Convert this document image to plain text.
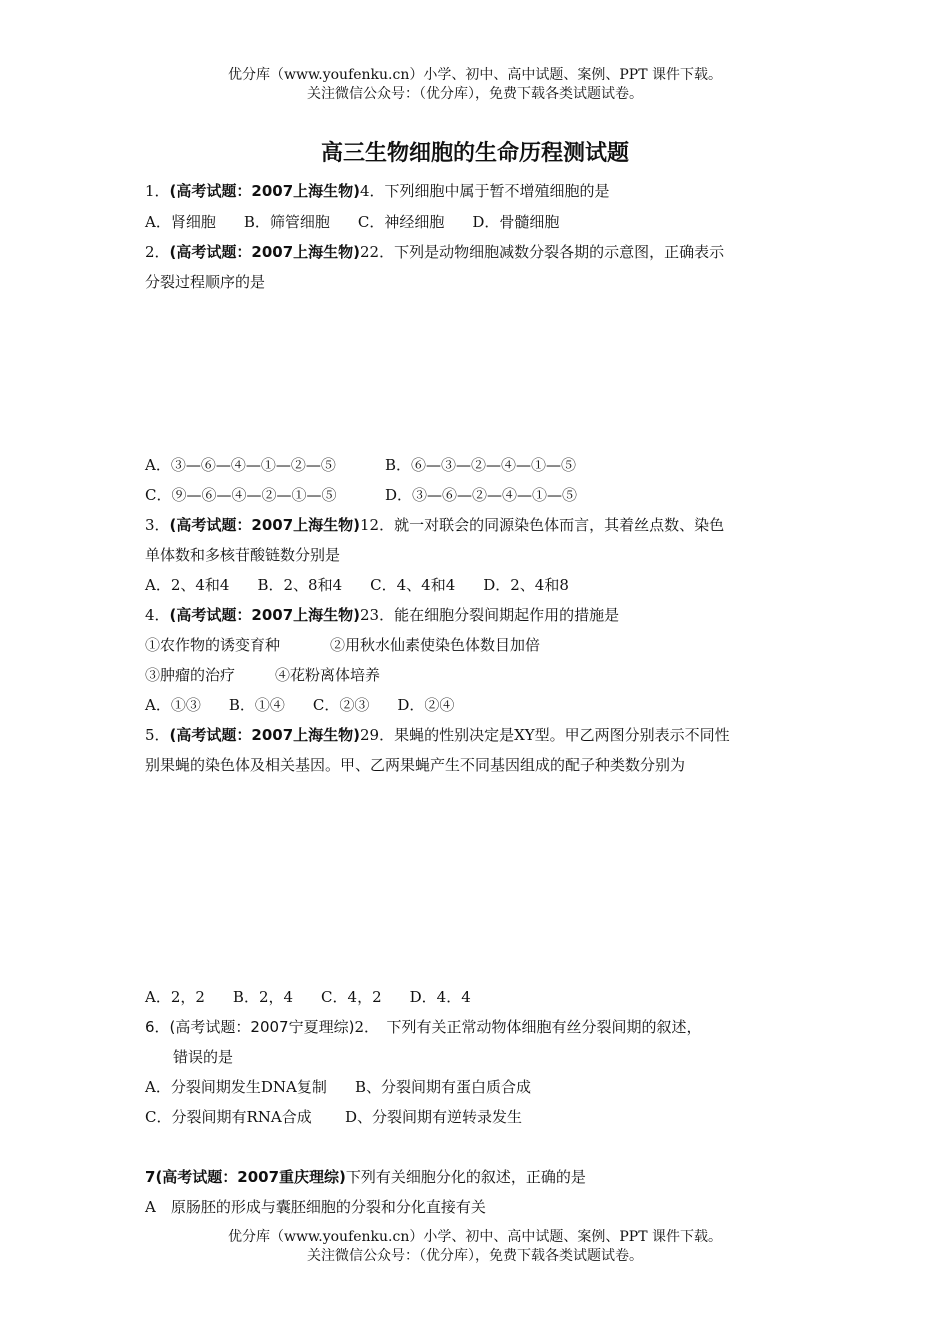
优分库（www.youfenku.cn）小学、初中、高中试题、案例、PPT 课件下载。
关注微信公众号：（优分库），免费下载各类试题试卷。
高三生物细胞的生命历程测试题
1．(高考试题：2007上海生物)4．下列细胞中属于暂不增殖细胞的是
A．肾细胞 B．筛管细胞 C．神经细胞 D．骨髓细胞
2．(高考试题：2007上海生物)22．下列是动物细胞减数分裂各期的示意图，正确表示
分裂过程顺序的是
A．③—⑥—④—①—②—⑤	B．⑥—③—②—④—①—⑤
C．⑨—⑥—④—②—①—⑤	D．③—⑥—②—④—①—⑤
3．(高考试题：2007上海生物)12．就一对联会的同源染色体而言，其着丝点数、染色
单体数和多核苷酸链数分别是
A．2、4和4 B．2、8和4 C．4、4和4 D．2、4和8
4．(高考试题：2007上海生物)23．能在细胞分裂间期起作用的措施是
①农作物的诱变育种	②用秋水仙素使染色体数目加倍
③肿瘤的治疗	④花粉离体培养
A．①③ B．①④ C．②③ D．②④
5．(高考试题：2007上海生物)29．果蝇的性别决定是XY型。甲乙两图分别表示不同性
别果蝇的染色体及相关基因。甲、乙两果蝇产生不同基因组成的配子种类数分别为
A．2，2 B．2，4 C．4，2 D．4．4
6．(高考试题：2007宁夏理综)2．　下列有关正常动物体细胞有丝分裂间期的叙述，
错误的是
A．分裂间期发生DNA复制 B、分裂间期有蛋白质合成
C．分裂间期有RNA合成 D、分裂间期有逆转录发生
7(高考试题：2007重庆理综)下列有关细胞分化的叙述，正确的是
A　原肠胚的形成与囊胚细胞的分裂和分化直接有关
优分库（www.youfenku.cn）小学、初中、高中试题、案例、PPT 课件下载。
关注微信公众号：（优分库），免费下载各类试题试卷。
